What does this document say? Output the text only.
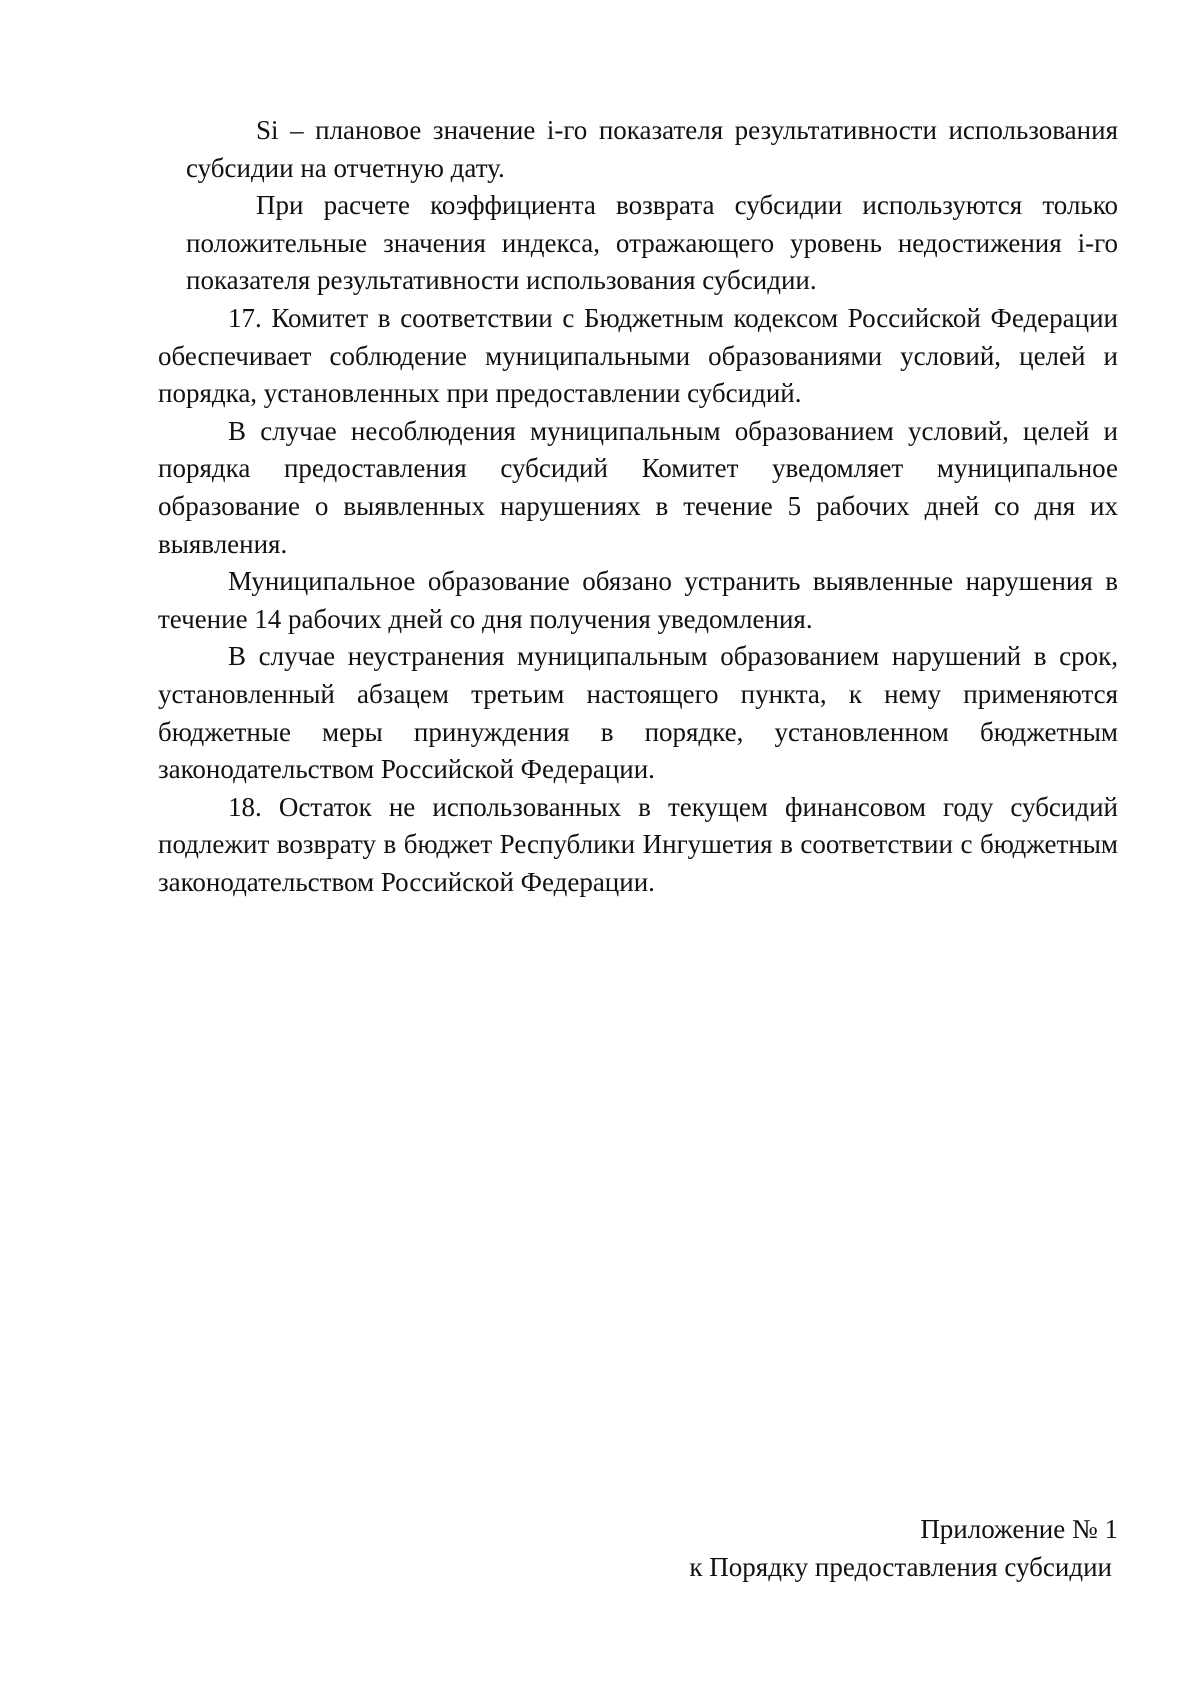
Si – плановое значение i-го показателя результативности использования субсидии на отчетную дату.

При расчете коэффициента возврата субсидии используются только положительные значения индекса, отражающего уровень недостижения i-го показателя результативности использования субсидии.

17. Комитет в соответствии с Бюджетным кодексом Российской Федерации обеспечивает соблюдение муниципальными образованиями условий, целей и порядка, установленных при предоставлении субсидий.

В случае несоблюдения муниципальным образованием условий, целей и порядка предоставления субсидий Комитет уведомляет муниципальное образование о выявленных нарушениях в течение 5 рабочих дней со дня их выявления.

Муниципальное образование обязано устранить выявленные нарушения в течение 14 рабочих дней со дня получения уведомления.

В случае неустранения муниципальным образованием нарушений в срок, установленный абзацем третьим настоящего пункта, к нему применяются бюджетные меры принуждения в порядке, установленном бюджетным законодательством Российской Федерации.

18. Остаток не использованных в текущем финансовом году субсидий подлежит возврату в бюджет Республики Ингушетия в соответствии с бюджетным законодательством Российской Федерации.

Приложение № 1
к Порядку предоставления субсидии
